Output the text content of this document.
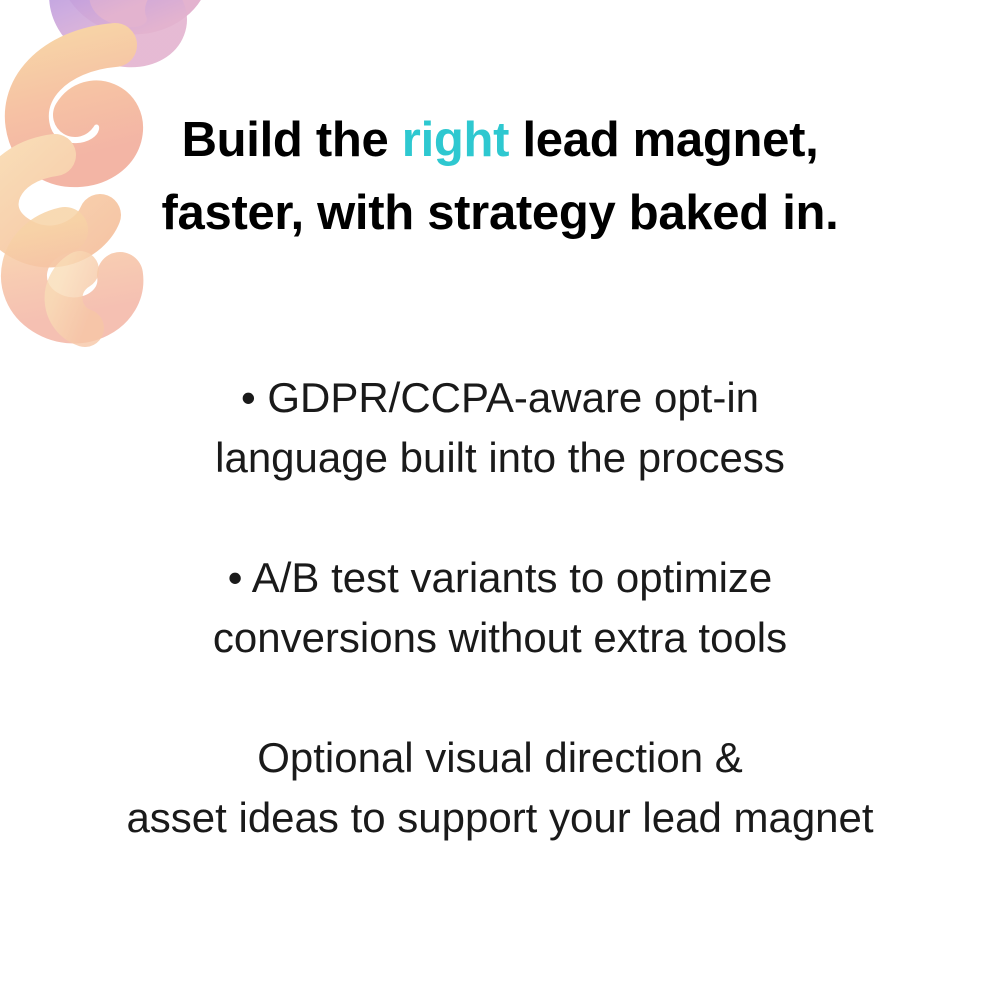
Build the right lead magnet,
faster, with strategy baked in.
• GDPR/CCPA-aware opt-in
language built into the process
• A/B test variants to optimize
conversions without extra tools
Optional visual direction &
asset ideas to support your lead magnet
